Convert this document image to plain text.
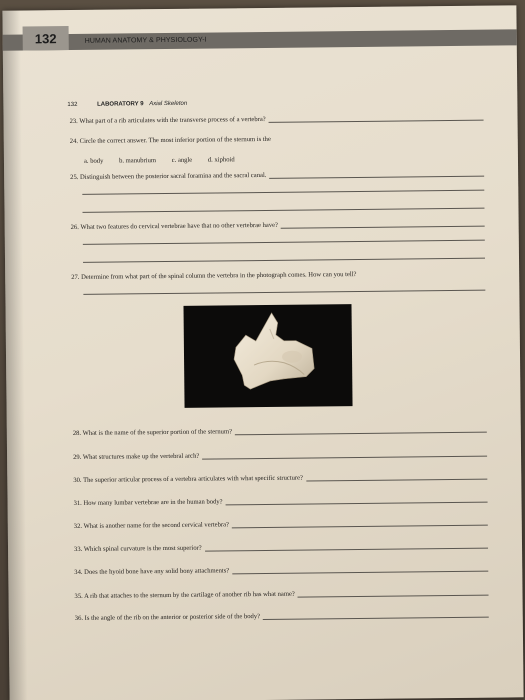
132	HUMAN ANATOMY & PHYSIOLOGY-I
132	LABORATORY 9 Axial Skeleton
23. What part of a rib articulates with the transverse process of a vertebra?
24. Circle the correct answer. The most inferior portion of the sternum is the
a. body b. manubrium c. angle d. xiphoid
25. Distinguish between the posterior sacral foramina and the sacral canal.
26. What two features do cervical vertebrae have that no other vertebrae have?
27. Determine from what part of the spinal column the vertebra in the photograph comes. How can you tell?
28. What is the name of the superior portion of the sternum?
29. What structures make up the vertebral arch?
30. The superior articular process of a vertebra articulates with what specific structure?
31. How many lumbar vertebrae are in the human body?
32. What is another name for the second cervical vertebra?
33. Which spinal curvature is the most superior?
34. Does the hyoid bone have any solid bony attachments?
35. A rib that attaches to the sternum by the cartilage of another rib has what name?
36. Is the angle of the rib on the anterior or posterior side of the body?
